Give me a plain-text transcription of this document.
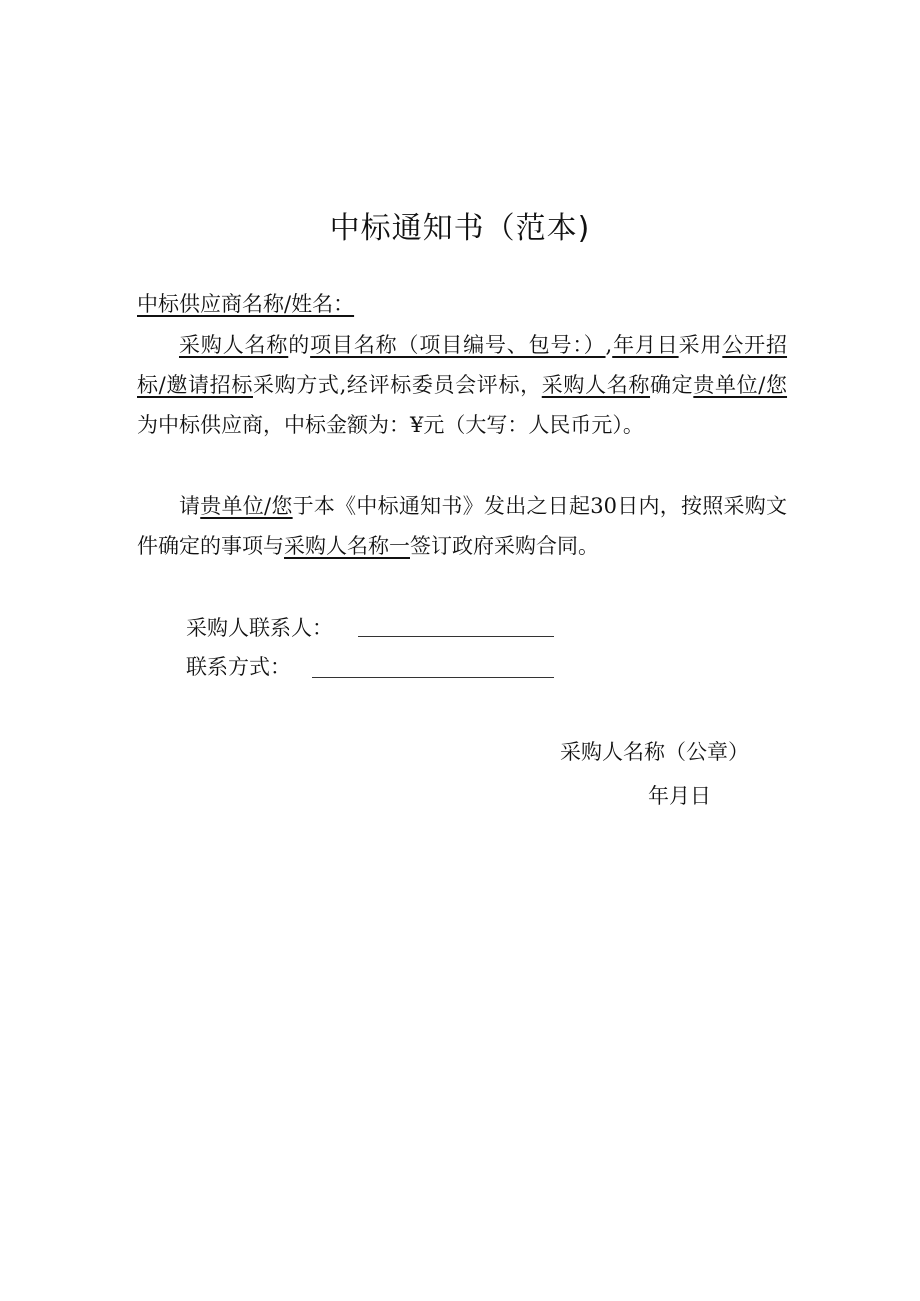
中标通知书（范本)
中标供应商名称/姓名：

采购人名称的项目名称（项目编号、包号：）,年月日采用公开招标/邀请招标采购方式,经评标委员会评标，采购人名称确定贵单位/您为中标供应商，中标金额为：¥元（大写：人民币元）。

请贵单位/您于本《中标通知书》发出之日起30日内，按照采购文件确定的事项与采购人名称一签订政府采购合同。

采购人联系人：
联系方式：
采购人名称（公章）
年月日
